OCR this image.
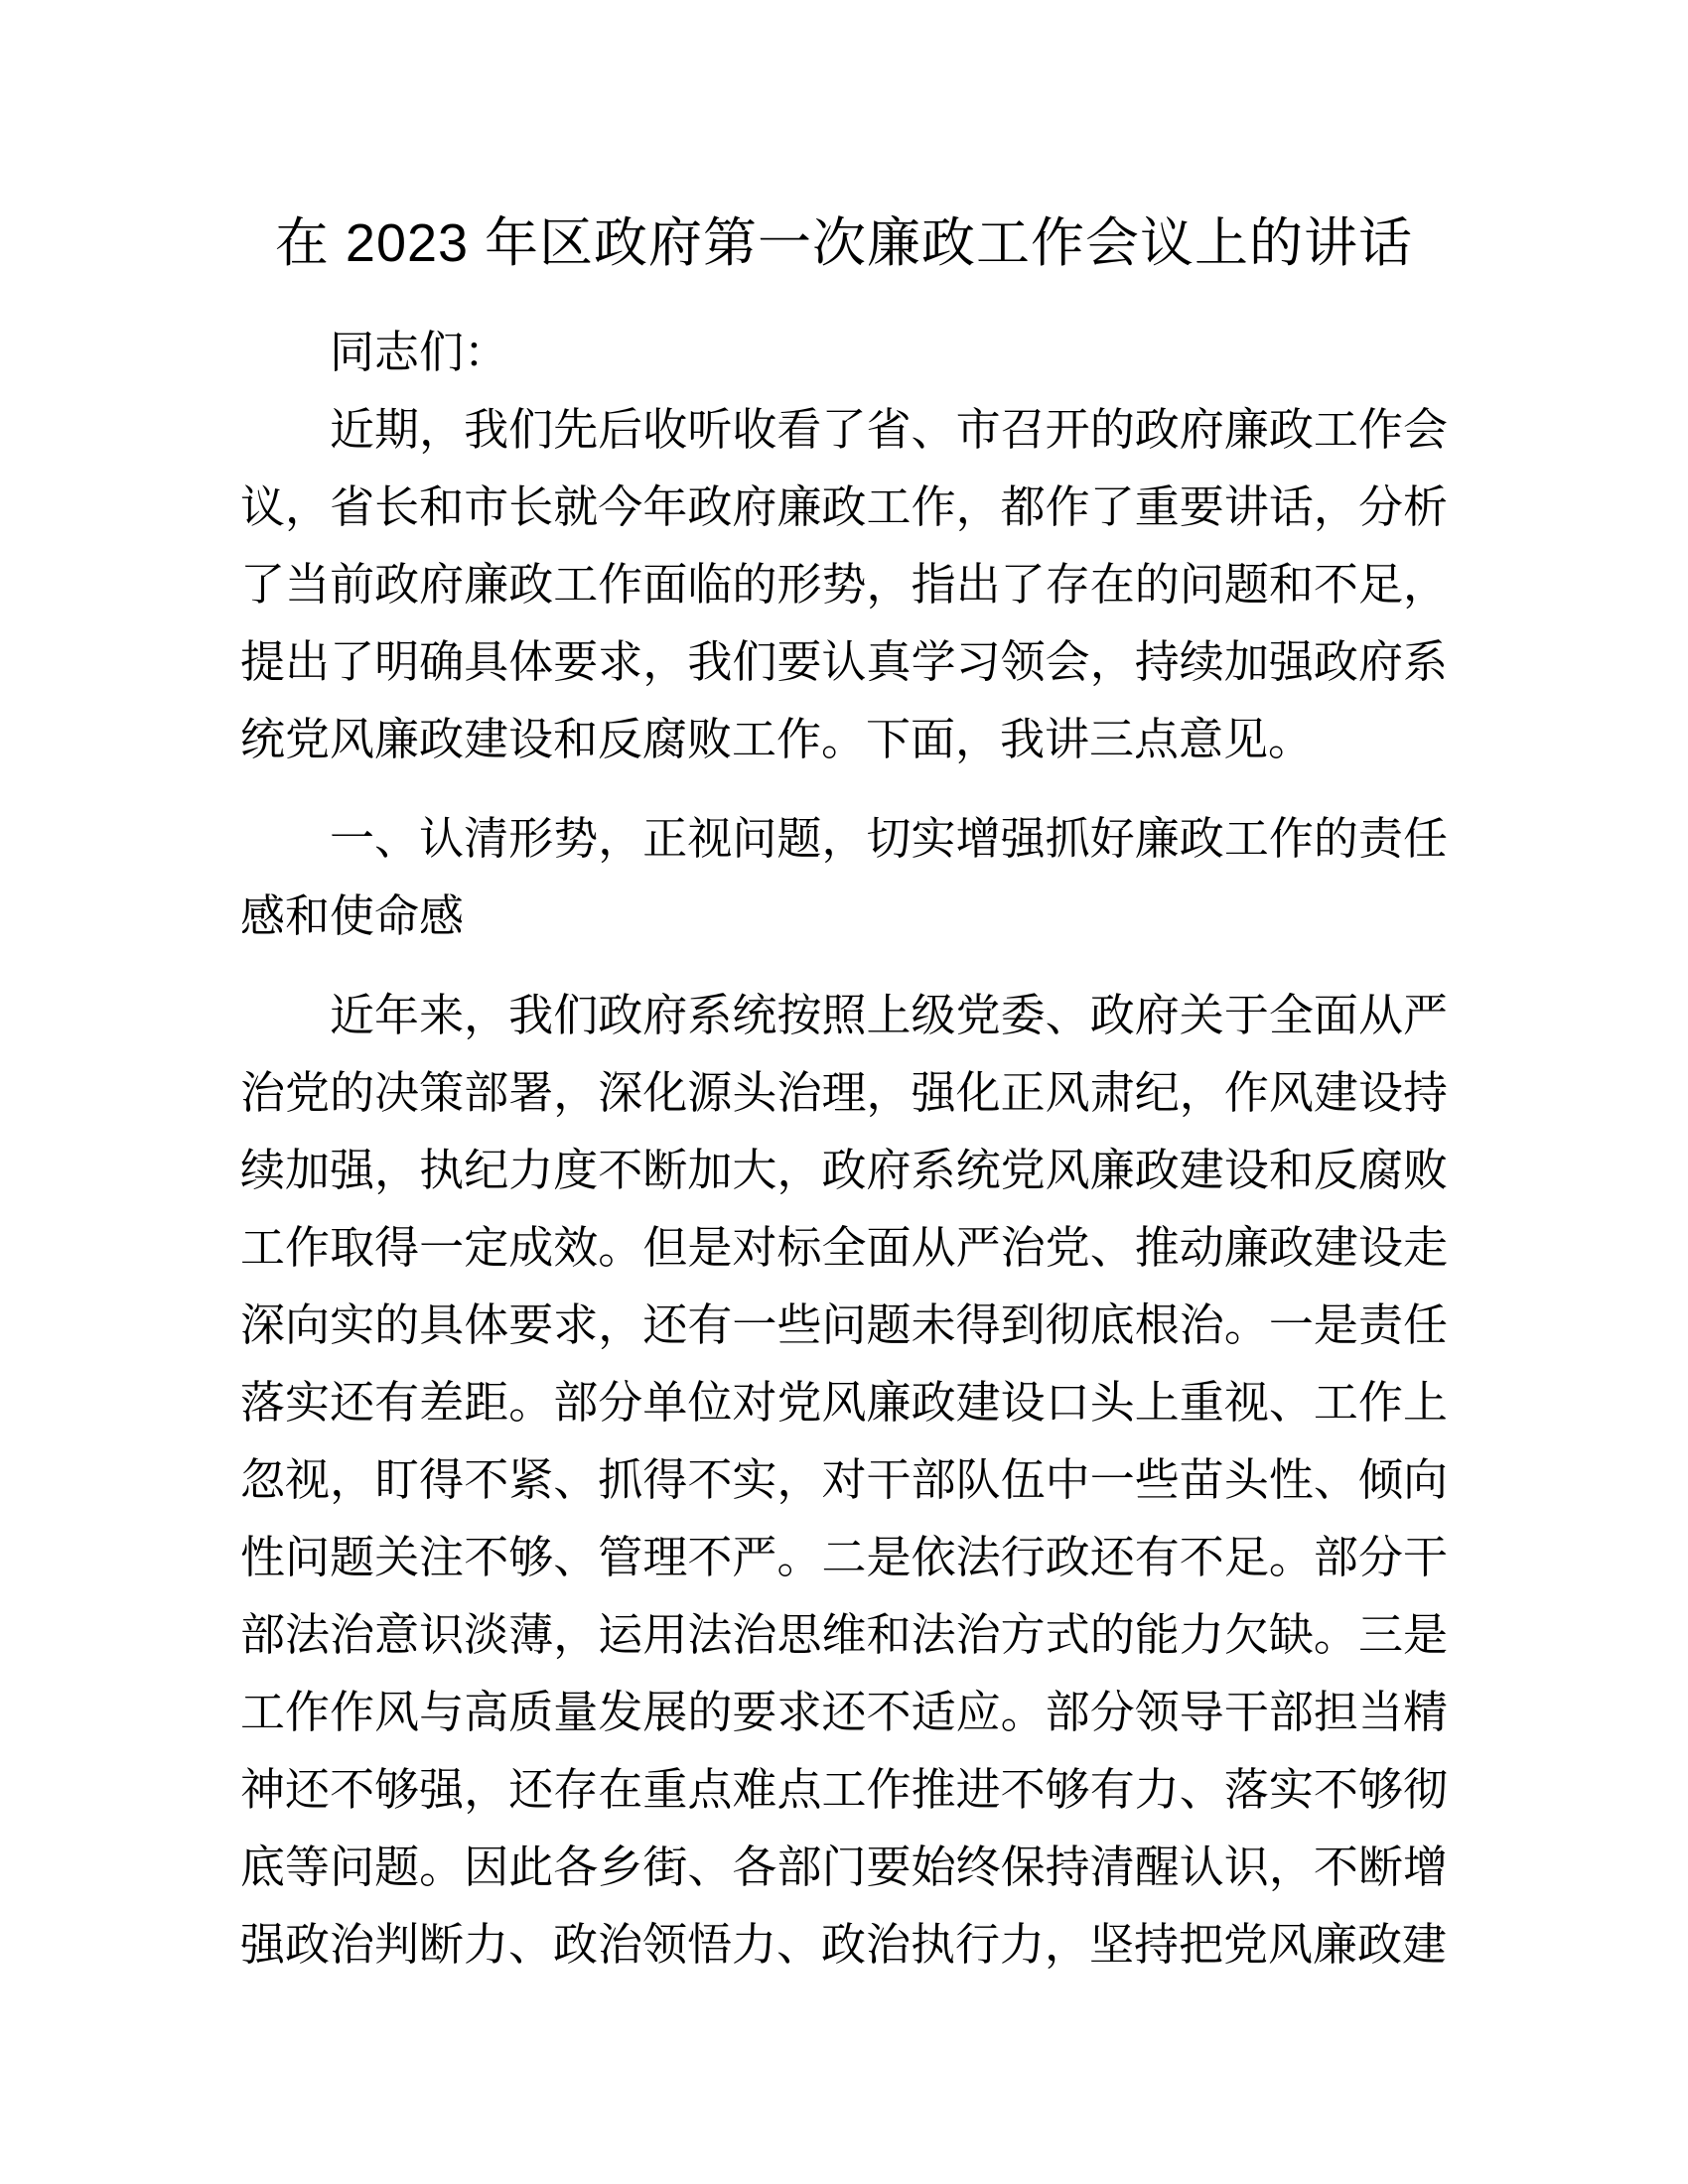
在 2023 年区政府第一次廉政工作会议上的讲话

同志们：

近期，我们先后收听收看了省、市召开的政府廉政工作会议，省长和市长就今年政府廉政工作，都作了重要讲话，分析了当前政府廉政工作面临的形势，指出了存在的问题和不足，提出了明确具体要求，我们要认真学习领会，持续加强政府系统党风廉政建设和反腐败工作。下面，我讲三点意见。

一、认清形势，正视问题，切实增强抓好廉政工作的责任感和使命感

近年来，我们政府系统按照上级党委、政府关于全面从严治党的决策部署，深化源头治理，强化正风肃纪，作风建设持续加强，执纪力度不断加大，政府系统党风廉政建设和反腐败工作取得一定成效。但是对标全面从严治党、推动廉政建设走深向实的具体要求，还有一些问题未得到彻底根治。一是责任落实还有差距。部分单位对党风廉政建设口头上重视、工作上忽视，盯得不紧、抓得不实，对干部队伍中一些苗头性、倾向性问题关注不够、管理不严。二是依法行政还有不足。部分干部法治意识淡薄，运用法治思维和法治方式的能力欠缺。三是工作作风与高质量发展的要求还不适应。部分领导干部担当精神还不够强，还存在重点难点工作推进不够有力、落实不够彻底等问题。因此各乡街、各部门要始终保持清醒认识，不断增强政治判断力、政治领悟力、政治执行力，坚持把党风廉政建
